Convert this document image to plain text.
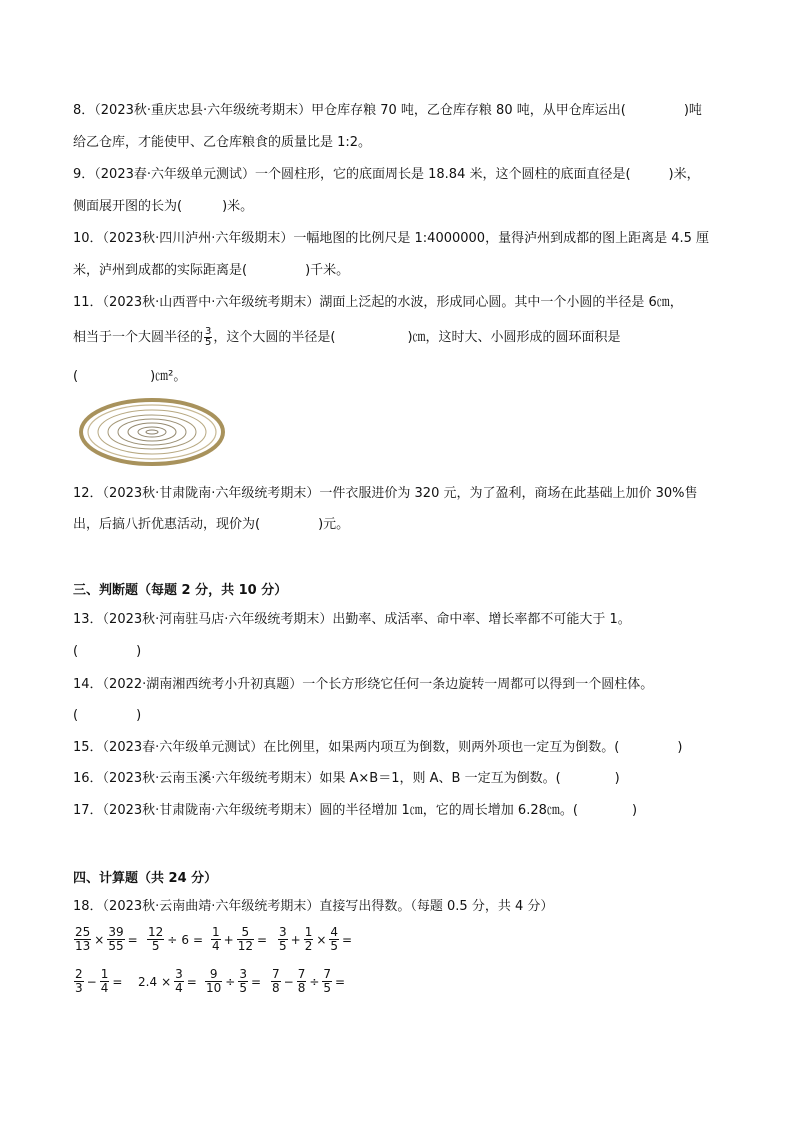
8．（2023秋·重庆忠县·六年级统考期末）甲仓库存粮 70 吨，乙仓库存粮 80 吨，从甲仓库运出(	)吨
给乙仓库，才能使甲、乙仓库粮食的质量比是 1:2。
9．（2023春·六年级单元测试）一个圆柱形，它的底面周长是 18.84 米，这个圆柱的底面直径是(	)米，
侧面展开图的长为(	)米。
10．（2023秋·四川泸州·六年级期末）一幅地图的比例尺是 1:4000000，量得泸州到成都的图上距离是 4.5 厘
米，泸州到成都的实际距离是(	)千米。
11．（2023秋·山西晋中·六年级统考期末）湖面上泛起的水波，形成同心圆。其中一个小圆的半径是 6㎝，
相当于一个大圆半径的 $\frac{3}{5}$ ，这个大圆的半径是(	)㎝，这时大、小圆形成的圆环面积是
(	)㎝²。
12．（2023秋·甘肃陇南·六年级统考期末）一件衣服进价为 320 元，为了盈利，商场在此基础上加价 30%售
出，后搞八折优惠活动，现价为(	)元。
三、判断题（每题 2 分，共 10 分）
13．（2023秋·河南驻马店·六年级统考期末）出勤率、成活率、命中率、增长率都不可能大于 1。
(	)
14．（2022·湖南湘西统考小升初真题）一个长方形绕它任何一条边旋转一周都可以得到一个圆柱体。
(	)
15．（2023春·六年级单元测试）在比例里，如果两内项互为倒数，则两外项也一定互为倒数。(	)
16．（2023秋·云南玉溪·六年级统考期末）如果 A×B＝1，则 A、B 一定互为倒数。(	)
17．（2023秋·甘肃陇南·六年级统考期末）圆的半径增加 1㎝，它的周长增加 6.28㎝。(	)
四、计算题（共 24 分）
18．（2023秋·云南曲靖·六年级统考期末）直接写出得数。（每题 0.5 分，共 4 分）
$\frac{25}{13} \times \frac{39}{55} = \frac{12}{5} \div 6 = \frac{1}{4} + \frac{5}{12} = \frac{3}{5} + \frac{1}{2} \times \frac{4}{5}$ =
$\frac{2}{3} - \frac{1}{4} = 2.4 \times \frac{3}{4} = \frac{9}{10} \div \frac{3}{5} = \frac{7}{8} - \frac{7}{8} \div \frac{7}{5}$ =
